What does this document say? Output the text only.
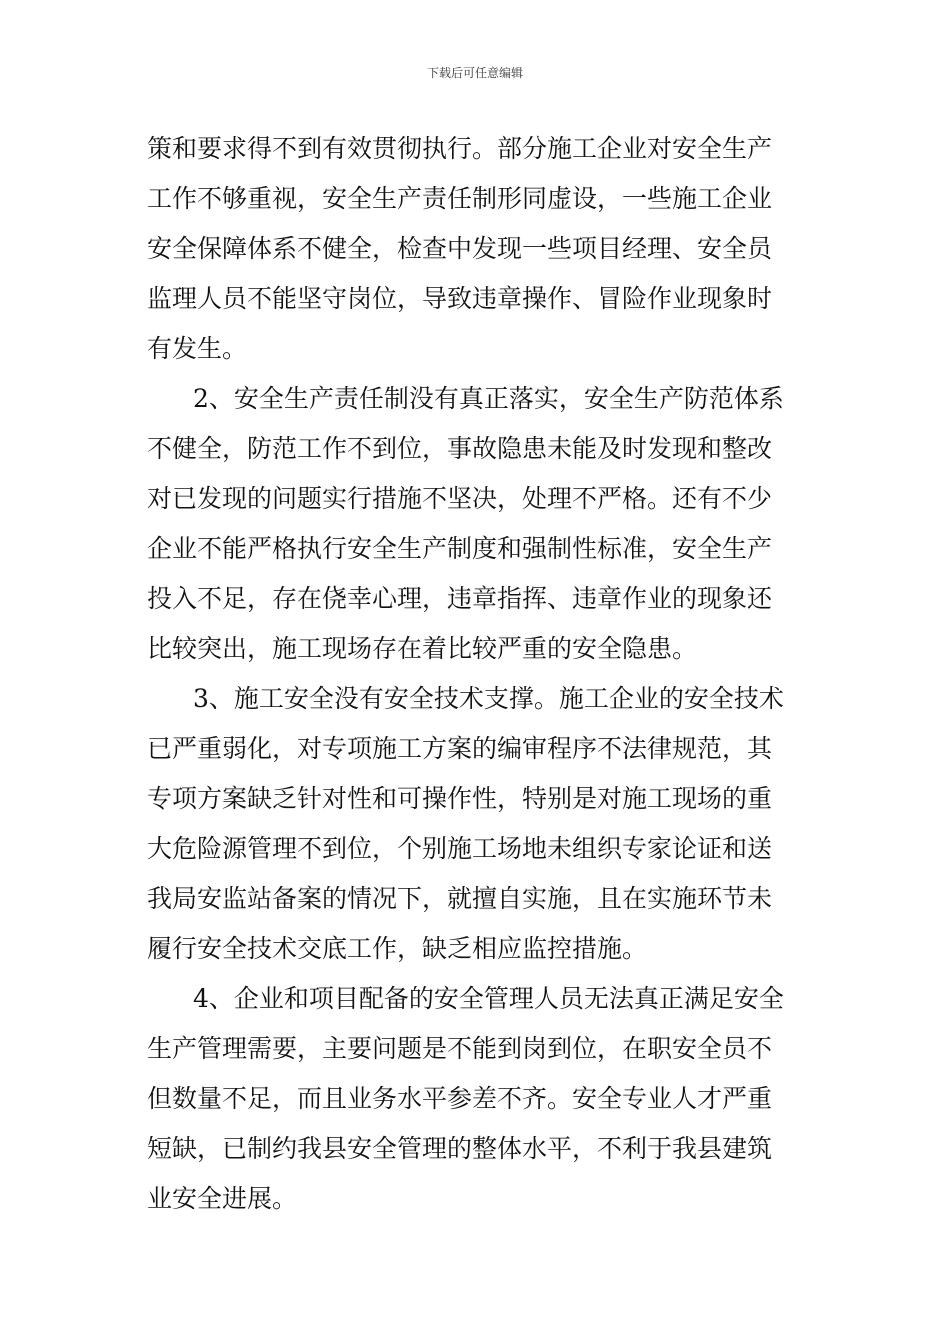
下载后可任意编辑
策和要求得不到有效贯彻执行。部分施工企业对安全生产
工作不够重视，安全生产责任制形同虚设，一些施工企业
安全保障体系不健全，检查中发现一些项目经理、安全员
监理人员不能坚守岗位，导致违章操作、冒险作业现象时
有发生。
2、安全生产责任制没有真正落实，安全生产防范体系
不健全，防范工作不到位，事故隐患未能及时发现和整改
对已发现的问题实行措施不坚决，处理不严格。还有不少
企业不能严格执行安全生产制度和强制性标准，安全生产
投入不足，存在侥幸心理，违章指挥、违章作业的现象还
比较突出，施工现场存在着比较严重的安全隐患。
3、施工安全没有安全技术支撑。施工企业的安全技术
已严重弱化，对专项施工方案的编审程序不法律规范，其
专项方案缺乏针对性和可操作性，特别是对施工现场的重
大危险源管理不到位，个别施工场地未组织专家论证和送
我局安监站备案的情况下，就擅自实施，且在实施环节未
履行安全技术交底工作，缺乏相应监控措施。
4、企业和项目配备的安全管理人员无法真正满足安全
生产管理需要，主要问题是不能到岗到位，在职安全员不
但数量不足，而且业务水平参差不齐。安全专业人才严重
短缺，已制约我县安全管理的整体水平，不利于我县建筑
业安全进展。
